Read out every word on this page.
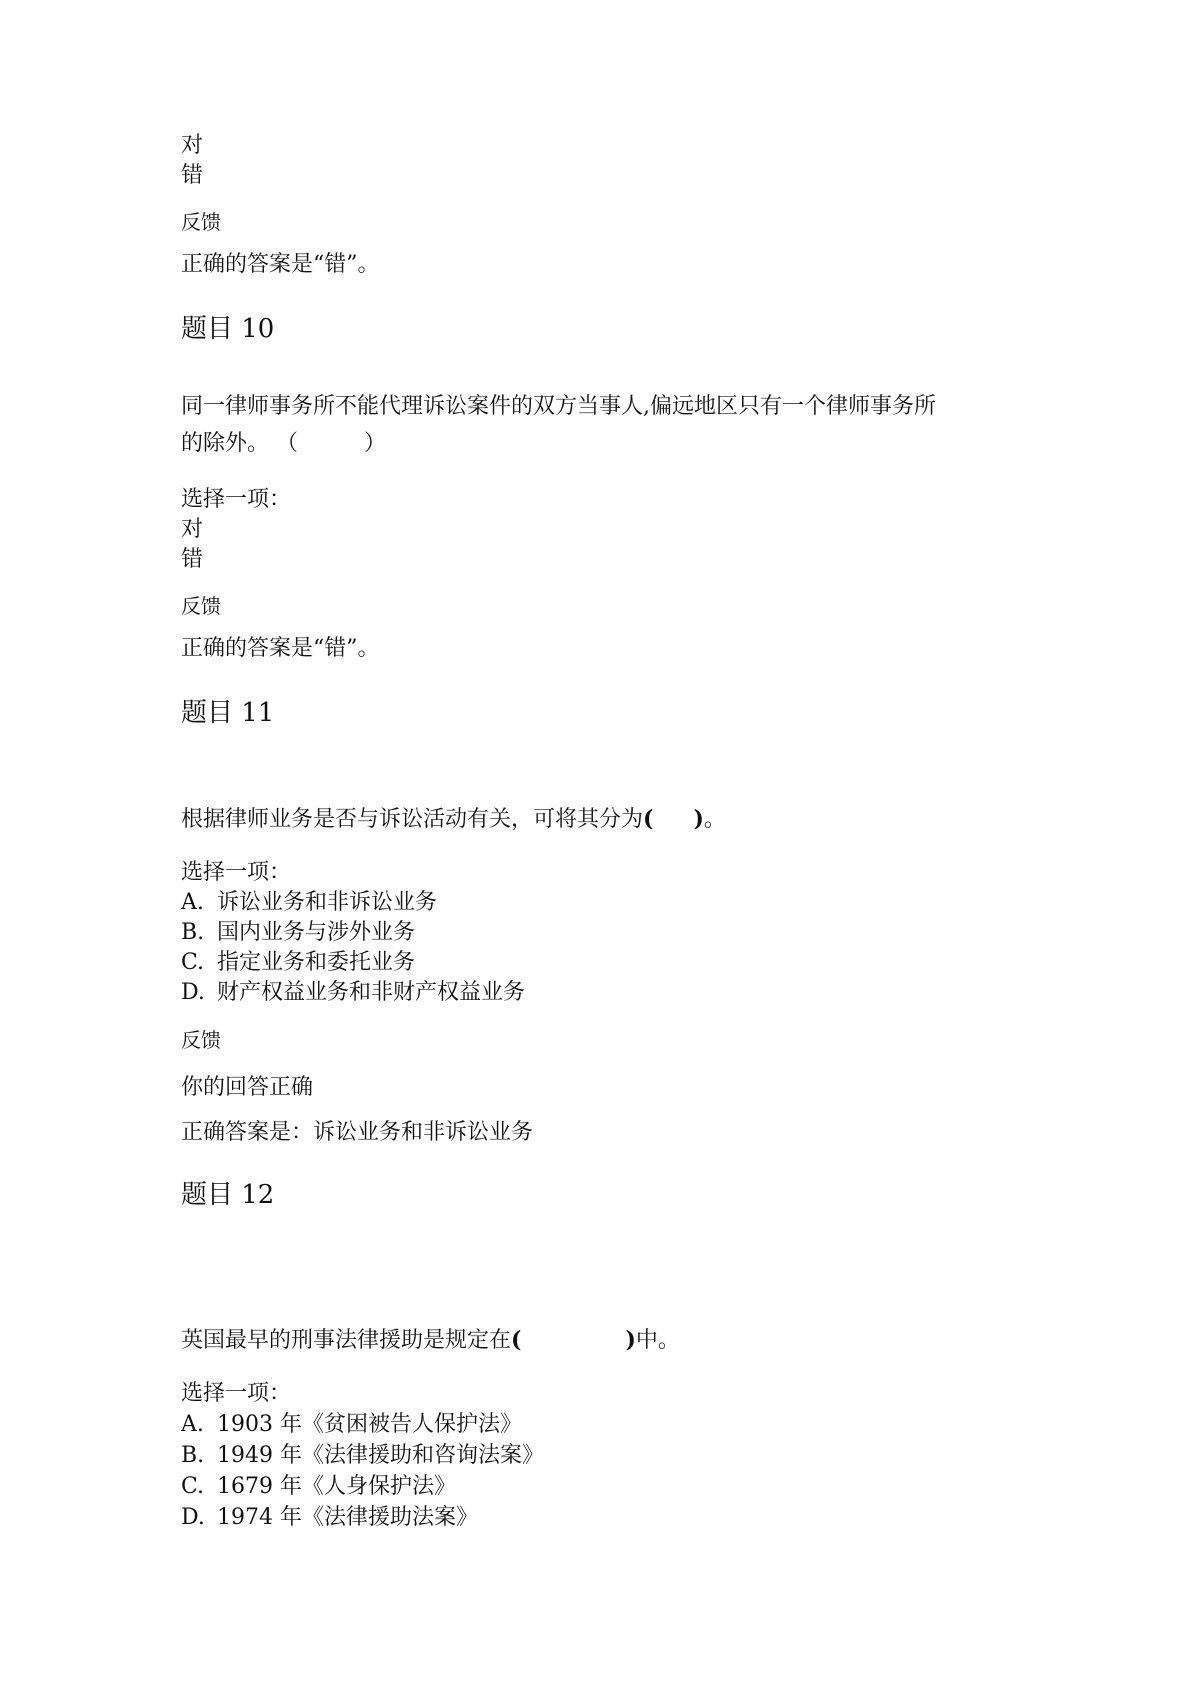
对
错
反馈
正确的答案是“错”。
题目 10
同一律师事务所不能代理诉讼案件的双方当事人,偏远地区只有一个律师事务所
的除外。 （　　　）
选择一项：
对
错
反馈
正确的答案是“错”。
题目 11
根据律师业务是否与诉讼活动有关，可将其分为( )。
选择一项：
A. 诉讼业务和非诉讼业务
B. 国内业务与涉外业务
C. 指定业务和委托业务
D. 财产权益业务和非财产权益业务
反馈
你的回答正确
正确答案是：诉讼业务和非诉讼业务
题目 12
英国最早的刑事法律援助是规定在(	)中。
选择一项：
A. 1903 年《贫困被告人保护法》
B. 1949 年《法律援助和咨询法案》
C. 1679 年《人身保护法》
D. 1974 年《法律援助法案》
